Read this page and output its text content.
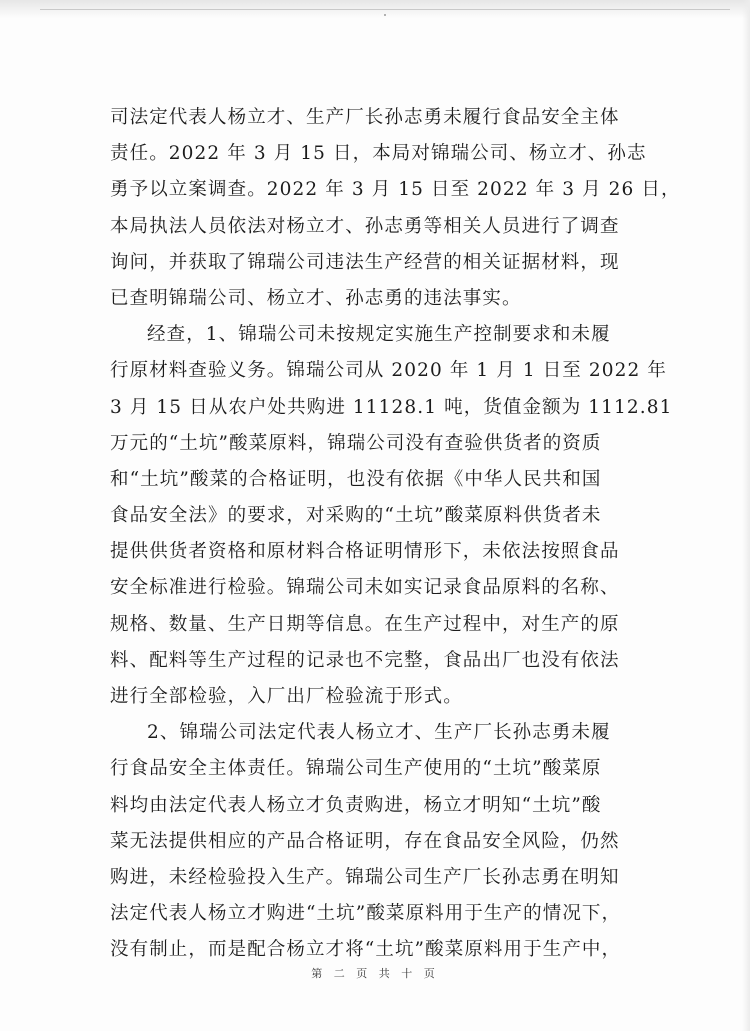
司法定代表人杨立才、生产厂长孙志勇未履行食品安全主体
责任。2022 年 3 月 15 日，本局对锦瑞公司、杨立才、孙志
勇予以立案调查。2022 年 3 月 15 日至 2022 年 3 月 26 日，
本局执法人员依法对杨立才、孙志勇等相关人员进行了调查
询问，并获取了锦瑞公司违法生产经营的相关证据材料，现
已查明锦瑞公司、杨立才、孙志勇的违法事实。
经查，1、锦瑞公司未按规定实施生产控制要求和未履
行原材料查验义务。锦瑞公司从 2020 年 1 月 1 日至 2022 年
3 月 15 日从农户处共购进 11128.1 吨，货值金额为 1112.81
万元的“土坑”酸菜原料，锦瑞公司没有查验供货者的资质
和“土坑”酸菜的合格证明，也没有依据《中华人民共和国
食品安全法》的要求，对采购的“土坑”酸菜原料供货者未
提供供货者资格和原材料合格证明情形下，未依法按照食品
安全标准进行检验。锦瑞公司未如实记录食品原料的名称、
规格、数量、生产日期等信息。在生产过程中，对生产的原
料、配料等生产过程的记录也不完整，食品出厂也没有依法
进行全部检验，入厂出厂检验流于形式。
2、锦瑞公司法定代表人杨立才、生产厂长孙志勇未履
行食品安全主体责任。锦瑞公司生产使用的“土坑”酸菜原
料均由法定代表人杨立才负责购进，杨立才明知“土坑”酸
菜无法提供相应的产品合格证明，存在食品安全风险，仍然
购进，未经检验投入生产。锦瑞公司生产厂长孙志勇在明知
法定代表人杨立才购进“土坑”酸菜原料用于生产的情况下，
没有制止，而是配合杨立才将“土坑”酸菜原料用于生产中，
第 二 页 共 十 页
